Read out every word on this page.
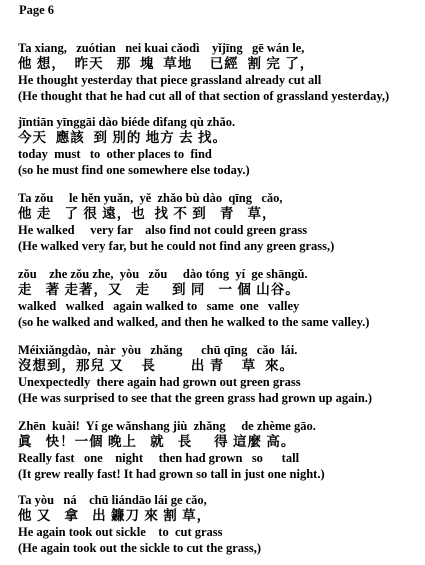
Page 6
Ta xiang,   zuótian   nei kuai cǎodì    yǐjīng   gē wán le,
他 想，  昨天   那  塊  草地    已經  割 完 了，
He thought yesterday that piece grassland already cut all
(He thought that he had cut all of that section of grassland yesterday,)
jīntiān yīnggāi dào biéde dìfang qù zhǎo.
今天  應該  到 別的 地方 去 找。
today  must   to  other places to  find
(so he must find one somewhere else today.)
Ta zǒu     le hěn yuǎn,  yě  zhǎo bù dào  qīng   cǎo,
他 走   了 很 遠，也  找 不 到   青   草，
He walked     very far    also find not could green grass
(He walked very far, but he could not find any green grass,)
zǒu    zhe zǒu zhe,  yòu   zǒu     dào tóng  yí  ge shāngǔ.
走   著 走著，又   走     到 同   一 個 山谷。
walked   walked   again walked to   same  one   valley
(so he walked and walked, and then he walked to the same valley.)
Méixiǎngdào,  nàr  yòu   zhǎng      chū qīng   cǎo  lái.
沒想到，那兒 又    長        出 青    草  來。
Unexpectedly  there again had grown out green grass
(He was surprised to see that the green grass had grown up again.)
Zhēn  kuài!  Yí ge wǎnshang jiù  zhǎng     de zhème gāo.
眞   快！一個 晚上   就   長     得 這麼 高。
Really fast   one    night     then had grown   so      tall
(It grew really fast! It had grown so tall in just one night.)
Ta yòu   ná    chū liándāo lái ge cǎo,
他 又   拿   出 鐮刀 來 割 草，
He again took out sickle    to  cut grass
(He again took out the sickle to cut the grass,)
